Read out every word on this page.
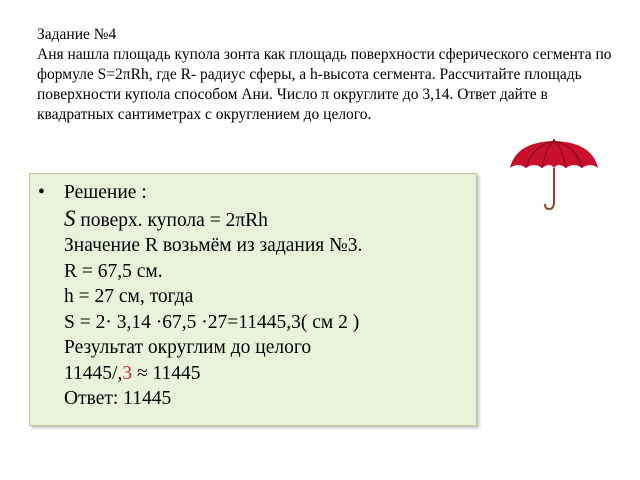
Задание №4
Аня нашла площадь купола зонта как площадь поверхности сферического сегмента по формуле S=2πRh, где R- радиус сферы, а h-высота сегмента. Рассчитайте площадь поверхности купола способом Ани. Число π округлите до 3,14. Ответ дайте в квадратных сантиметрах с округлением до целого.
• Решение :
S поверх. купола = 2πRh
Значение R возьмём из задания №3.
R = 67,5 см.
h = 27 см, тогда
S = 2· 3,14 ·67,5 ·27=11445,3( см 2 )
Результат округлим до целого
11445/,3 ≈ 11445
Ответ: 11445
